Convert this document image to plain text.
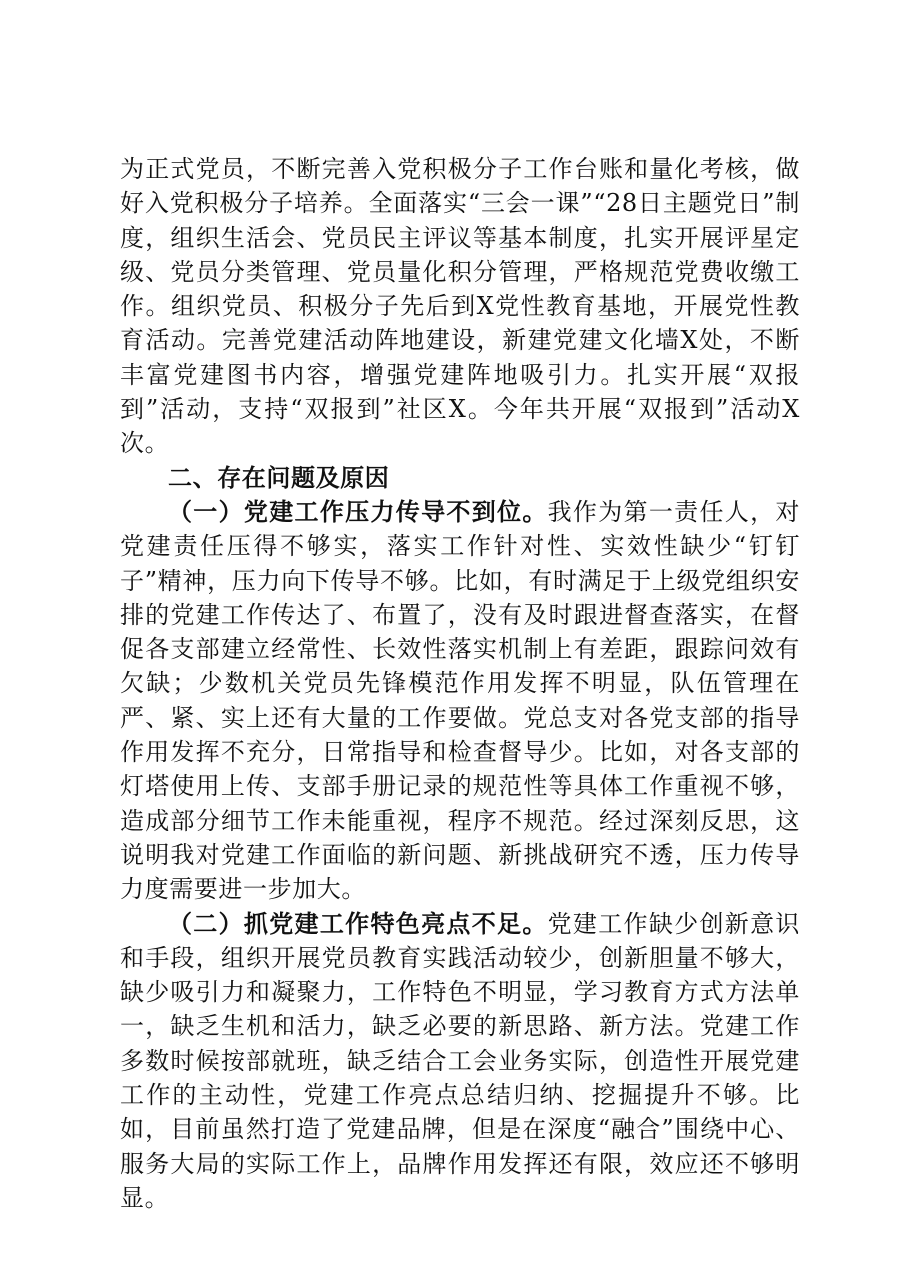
为正式党员，不断完善入党积极分子工作台账和量化考核，做好入党积极分子培养。全面落实“三会一课”“28日主题党日”制度，组织生活会、党员民主评议等基本制度，扎实开展评星定级、党员分类管理、党员量化积分管理，严格规范党费收缴工作。组织党员、积极分子先后到X党性教育基地，开展党性教育活动。完善党建活动阵地建设，新建党建文化墙X处，不断丰富党建图书内容，增强党建阵地吸引力。扎实开展“双报到”活动，支持“双报到”社区X。今年共开展“双报到”活动X次。

二、存在问题及原因

（一）党建工作压力传导不到位。我作为第一责任人，对党建责任压得不够实，落实工作针对性、实效性缺少“钉钉子”精神，压力向下传导不够。比如，有时满足于上级党组织安排的党建工作传达了、布置了，没有及时跟进督查落实，在督促各支部建立经常性、长效性落实机制上有差距，跟踪问效有欠缺；少数机关党员先锋模范作用发挥不明显，队伍管理在严、紧、实上还有大量的工作要做。党总支对各党支部的指导作用发挥不充分，日常指导和检查督导少。比如，对各支部的灯塔使用上传、支部手册记录的规范性等具体工作重视不够，造成部分细节工作未能重视，程序不规范。经过深刻反思，这说明我对党建工作面临的新问题、新挑战研究不透，压力传导力度需要进一步加大。

（二）抓党建工作特色亮点不足。党建工作缺少创新意识和手段，组织开展党员教育实践活动较少，创新胆量不够大，缺少吸引力和凝聚力，工作特色不明显，学习教育方式方法单一，缺乏生机和活力，缺乏必要的新思路、新方法。党建工作多数时候按部就班，缺乏结合工会业务实际，创造性开展党建工作的主动性，党建工作亮点总结归纳、挖掘提升不够。比如，目前虽然打造了党建品牌，但是在深度“融合”围绕中心、服务大局的实际工作上，品牌作用发挥还有限，效应还不够明显。
